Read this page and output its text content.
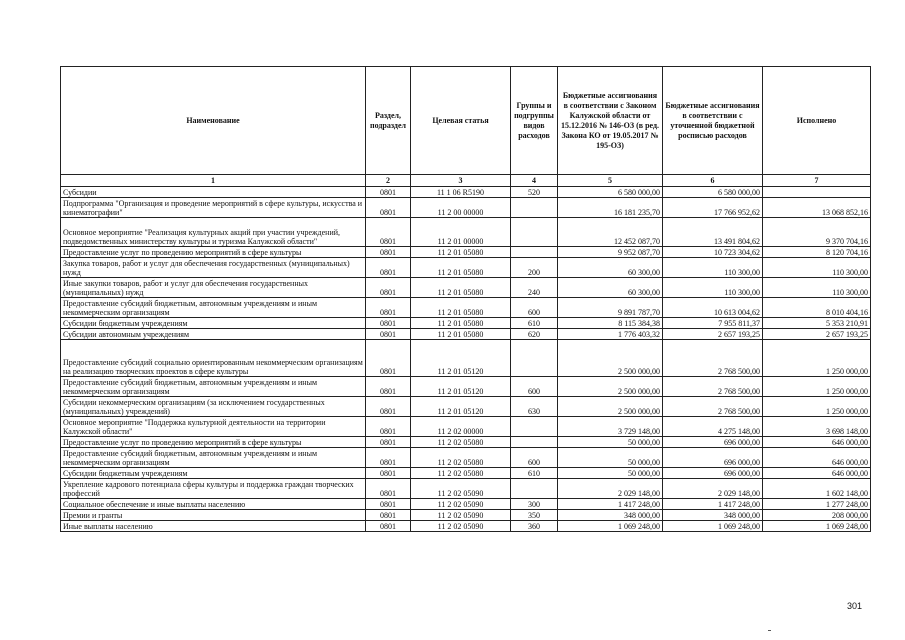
Наименование	Раздел, подраздел	Целевая статья	Группы и подгруппы видов расходов	Бюджетные ассигнования в соответствии с Законом Калужской области от 15.12.2016 № 146-ОЗ (в ред. Закона КО от 19.05.2017 № 195-ОЗ)	Бюджетные ассигнования в соответствии с уточненной бюджетной росписью расходов	Исполнено
1	2	3	4	5	6	7
Субсидии	0801	11 1 06 R5190	520	6 580 000,00	6 580 000,00	
Подпрограмма "Организация и проведение мероприятий в сфере культуры, искусства и кинематографии"	0801	11 2 00 00000		16 181 235,70	17 766 952,62	13 068 852,16
Основное мероприятие "Реализация культурных акций при участии учреждений, подведомственных министерству культуры и туризма Калужской области"	0801	11 2 01 00000		12 452 087,70	13 491 804,62	9 370 704,16
Предоставление услуг по проведению мероприятий в сфере культуры	0801	11 2 01 05080		9 952 087,70	10 723 304,62	8 120 704,16
Закупка товаров, работ и услуг для обеспечения государственных (муниципальных) нужд	0801	11 2 01 05080	200	60 300,00	110 300,00	110 300,00
Иные закупки товаров, работ и услуг для обеспечения государственных (муниципальных) нужд	0801	11 2 01 05080	240	60 300,00	110 300,00	110 300,00
Предоставление субсидий бюджетным, автономным учреждениям и иным некоммерческим организациям	0801	11 2 01 05080	600	9 891 787,70	10 613 004,62	8 010 404,16
Субсидии бюджетным учреждениям	0801	11 2 01 05080	610	8 115 384,38	7 955 811,37	5 353 210,91
Субсидии автономным учреждениям	0801	11 2 01 05080	620	1 776 403,32	2 657 193,25	2 657 193,25
Предоставление субсидий социально ориентированным некоммерческим организациям на реализацию творческих проектов в сфере культуры	0801	11 2 01 05120		2 500 000,00	2 768 500,00	1 250 000,00
Предоставление субсидий бюджетным, автономным учреждениям и иным некоммерческим организациям	0801	11 2 01 05120	600	2 500 000,00	2 768 500,00	1 250 000,00
Субсидии некоммерческим организациям (за исключением государственных (муниципальных) учреждений)	0801	11 2 01 05120	630	2 500 000,00	2 768 500,00	1 250 000,00
Основное мероприятие "Поддержка культурной деятельности на территории Калужской области"	0801	11 2 02 00000		3 729 148,00	4 275 148,00	3 698 148,00
Предоставление услуг по проведению мероприятий в сфере культуры	0801	11 2 02 05080		50 000,00	696 000,00	646 000,00
Предоставление субсидий бюджетным, автономным учреждениям и иным некоммерческим организациям	0801	11 2 02 05080	600	50 000,00	696 000,00	646 000,00
Субсидии бюджетным учреждениям	0801	11 2 02 05080	610	50 000,00	696 000,00	646 000,00
Укрепление кадрового потенциала сферы культуры и поддержка граждан творческих профессий	0801	11 2 02 05090		2 029 148,00	2 029 148,00	1 602 148,00
Социальное обеспечение и иные выплаты населению	0801	11 2 02 05090	300	1 417 248,00	1 417 248,00	1 277 248,00
Премии и гранты	0801	11 2 02 05090	350	348 000,00	348 000,00	208 000,00
Иные выплаты населению	0801	11 2 02 05090	360	1 069 248,00	1 069 248,00	1 069 248,00
301
